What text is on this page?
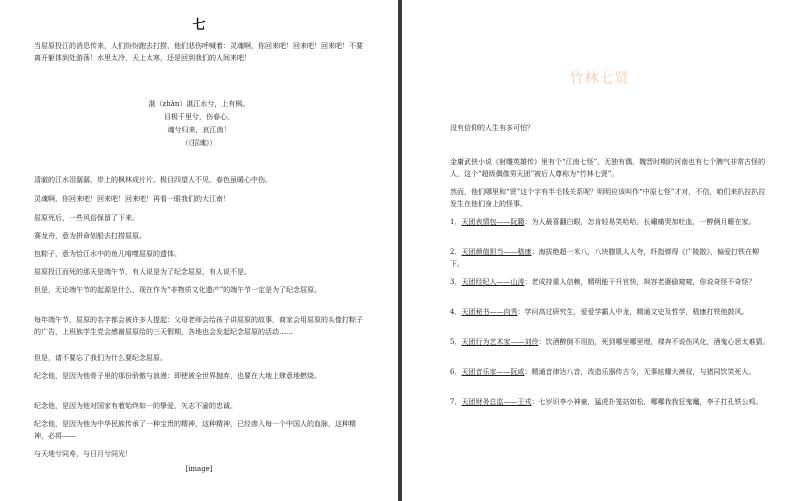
七

当屈原投江的消息传来，人们纷纷跑去打捞，他们悲伤呼喊着：灵魂啊，你回来吧！回来吧！回来吧！不要离开躯体到处游荡！水里太冷，天上太寒，还是回到我们的人间来吧！

湛（zhàn）湛江水兮，上有枫。

目极千里兮，伤春心。

魂兮归来，哀江南！

（《招魂》）

清澈的江水泪潺潺，岸上的枫林成片片。极目四望人不见，春色虽暖心中伤。

灵魂啊，你回来吧！回来吧！回来吧！再看一眼我们的大江南！

屈原死后，一些风俗保留了下来。

赛龙舟，意为拼命划船去打捞屈原。

包粽子，意为恰江水中的鱼儿啃噬屈原的遗体。

屈原投江而死的那天是端午节，有人说是为了纪念屈原，有人说不是。

但是，无论端午节的起源是什么，现在作为“非物质文化遗产”的端午节一定是为了纪念屈原。

每年端午节，屈原的名字都会被许多人提起：父母老师会给孩子讲屈原的故事，商家会用屈原的头像打粽子的广告，上班族学生党会感谢屈原给的三天假期，各地也会发起纪念屈原的活动……

但是，请不要忘了我们为什么要纪念屈原。

纪念他，是因为他骨子里的那份骄傲与浪漫：即使被全世界抛弃，也要在大地上肆意地燃烧。

纪念他，是因为他对国家有着始终如一的挚爱，矢志不渝的忠诚。

纪念他，是因为他为中华民族传承了一种宝贵的精神，这种精神，已经渗入每一个中国人的血脉，这种精神，必将——

与天地兮同寿，与日月兮同光！

[image]
竹林七贤

没有信仰的人生有多可怕？

金庸武侠小说《射雕英雄传》里有个“江南七怪”，无独有偶，魏晋时期的河南也有七个脾气非常古怪的人，这个“超级偶像男天团”被后人尊称为“竹林七贤”。

然而，他们哪里和“贤”这个字有半毛钱关系呢？明明应该叫作“中原七怪”才对，不信，咱们来扒拉扒拉发生在他们身上的怪事。

1．天团表情包——阮籍：为人最喜翻白眼，怎肯轻易笑哈哈，长嘯痛哭加吐血，一醉俩月睡在家。

2．天团颜值担当——嵇康：海拔绝超一米八，八块腹肌人人夸，纤指弹得《广陵散》，偏爱打铁在柳下。

3．天团经纪人——山涛：老成持重人信赖，精明能干升官快，飒容老婆偷窥窥，你说奇怪不奇怪？

4．天团秘书——向秀：学问高过研究生，爱爱学霸人中龙，精通文史及哲学，嵇康打铁他鼓风。

5．天团行为艺术家——刘伶：饮酒醉倒不用抬，死到哪里哪里埋，裸奔不说伤风化，酒鬼心思太难猜。

6．天团音乐家——阮咸：精通音律达八音，改造乐器传古今，无事炫耀大裤衩，与猪同饮笑死人。

7．天团财务总监——王戎：七岁识李小神童，猛虎扑笼站如松，哪哪我我狂鬼竈，李子打孔铁公鸡。
